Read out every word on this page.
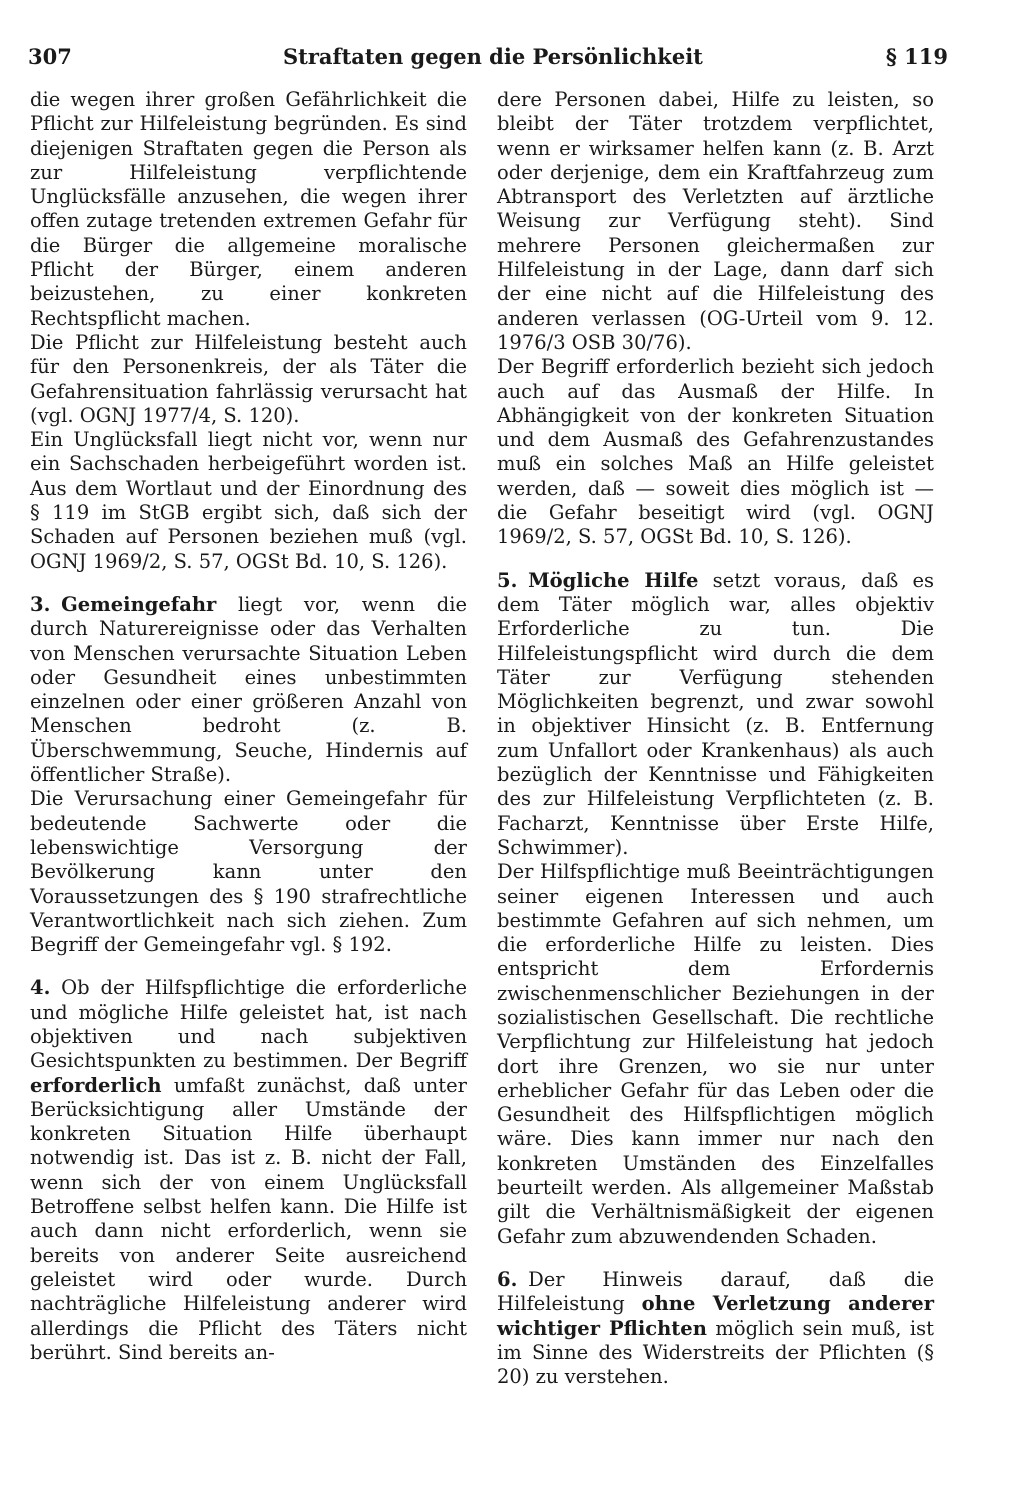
307	Straftaten gegen die Persönlichkeit	§ 119

die wegen ihrer großen Gefährlichkeit die Pflicht zur Hilfeleistung begründen. Es sind diejenigen Straftaten gegen die Person als zur Hilfeleistung verpflichtende Unglücksfälle anzusehen, die wegen ihrer offen zutage tretenden extremen Gefahr für die Bürger die allgemeine moralische Pflicht der Bürger, einem anderen beizustehen, zu einer konkreten Rechtspflicht machen.

Die Pflicht zur Hilfeleistung besteht auch für den Personenkreis, der als Täter die Gefahrensituation fahrlässig verursacht hat (vgl. OGNJ 1977/4, S. 120).

Ein Unglücksfall liegt nicht vor, wenn nur ein Sachschaden herbeigeführt worden ist. Aus dem Wortlaut und der Einordnung des § 119 im StGB ergibt sich, daß sich der Schaden auf Personen beziehen muß (vgl. OGNJ 1969/2, S. 57, OGSt Bd. 10, S. 126).

3. Gemeingefahr liegt vor, wenn die durch Naturereignisse oder das Verhalten von Menschen verursachte Situation Leben oder Gesundheit eines unbestimmten einzelnen oder einer größeren Anzahl von Menschen bedroht (z. B. Überschwemmung, Seuche, Hindernis auf öffentlicher Straße).

Die Verursachung einer Gemeingefahr für bedeutende Sachwerte oder die lebenswichtige Versorgung der Bevölkerung kann unter den Voraussetzungen des § 190 strafrechtliche Verantwortlichkeit nach sich ziehen. Zum Begriff der Gemeingefahr vgl. § 192.

4. Ob der Hilfspflichtige die erforderliche und mögliche Hilfe geleistet hat, ist nach objektiven und nach subjektiven Gesichtspunkten zu bestimmen. Der Begriff erforderlich umfaßt zunächst, daß unter Berücksichtigung aller Umstände der konkreten Situation Hilfe überhaupt notwendig ist. Das ist z. B. nicht der Fall, wenn sich der von einem Unglücksfall Betroffene selbst helfen kann. Die Hilfe ist auch dann nicht erforderlich, wenn sie bereits von anderer Seite ausreichend geleistet wird oder wurde. Durch nachträgliche Hilfeleistung anderer wird allerdings die Pflicht des Täters nicht berührt. Sind bereits an-

dere Personen dabei, Hilfe zu leisten, so bleibt der Täter trotzdem verpflichtet, wenn er wirksamer helfen kann (z. B. Arzt oder derjenige, dem ein Kraftfahrzeug zum Abtransport des Verletzten auf ärztliche Weisung zur Verfügung steht). Sind mehrere Personen gleichermaßen zur Hilfeleistung in der Lage, dann darf sich der eine nicht auf die Hilfeleistung des anderen verlassen (OG-Urteil vom 9. 12. 1976/3 OSB 30/76).

Der Begriff erforderlich bezieht sich jedoch auch auf das Ausmaß der Hilfe. In Abhängigkeit von der konkreten Situation und dem Ausmaß des Gefahrenzustandes muß ein solches Maß an Hilfe geleistet werden, daß — soweit dies möglich ist — die Gefahr beseitigt wird (vgl. OGNJ 1969/2, S. 57, OGSt Bd. 10, S. 126).

5. Mögliche Hilfe setzt voraus, daß es dem Täter möglich war, alles objektiv Erforderliche zu tun. Die Hilfeleistungspflicht wird durch die dem Täter zur Verfügung stehenden Möglichkeiten begrenzt, und zwar sowohl in objektiver Hinsicht (z. B. Entfernung zum Unfallort oder Krankenhaus) als auch bezüglich der Kenntnisse und Fähigkeiten des zur Hilfeleistung Verpflichteten (z. B. Facharzt, Kenntnisse über Erste Hilfe, Schwimmer).

Der Hilfspflichtige muß Beeinträchtigungen seiner eigenen Interessen und auch bestimmte Gefahren auf sich nehmen, um die erforderliche Hilfe zu leisten. Dies entspricht dem Erfordernis zwischenmenschlicher Beziehungen in der sozialistischen Gesellschaft. Die rechtliche Verpflichtung zur Hilfeleistung hat jedoch dort ihre Grenzen, wo sie nur unter erheblicher Gefahr für das Leben oder die Gesundheit des Hilfspflichtigen möglich wäre. Dies kann immer nur nach den konkreten Umständen des Einzelfalles beurteilt werden. Als allgemeiner Maßstab gilt die Verhältnismäßigkeit der eigenen Gefahr zum abzuwendenden Schaden.

6. Der Hinweis darauf, daß die Hilfeleistung ohne Verletzung anderer wichtiger Pflichten möglich sein muß, ist im Sinne des Widerstreits der Pflichten (§ 20) zu verstehen.
